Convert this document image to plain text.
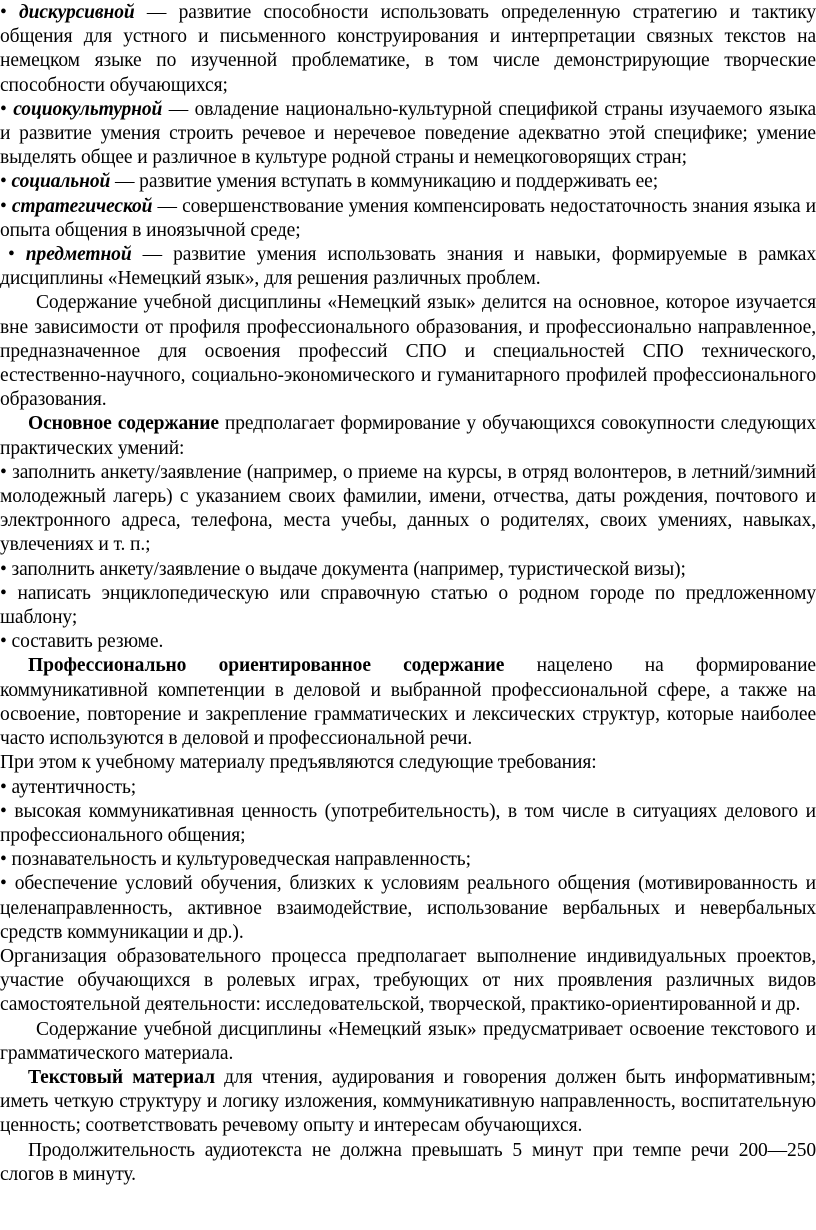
• дискурсивной — развитие способности использовать определенную стратегию и тактику общения для устного и письменного конструирования и интерпретации связных текстов на немецком языке по изученной проблематике, в том числе демонстрирующие творческие способности обучающихся;

• социокультурной — овладение национально-культурной спецификой страны изучаемого языка и развитие умения строить речевое и неречевое поведение адекватно этой специфике; умение выделять общее и различное в культуре родной страны и немецкоговорящих стран;

• социальной — развитие умения вступать в коммуникацию и поддерживать ее;

• стратегической — совершенствование умения компенсировать недостаточность знания языка и опыта общения в иноязычной среде;

• предметной — развитие умения использовать знания и навыки, формируемые в рамках дисциплины «Немецкий язык», для решения различных проблем.

Содержание учебной дисциплины «Немецкий язык» делится на основное, которое изучается вне зависимости от профиля профессионального образования, и профессионально направленное, предназначенное для освоения профессий СПО и специальностей СПО технического, естественно-научного, социально-экономического и гуманитарного профилей профессионального образования.

Основное содержание предполагает формирование у обучающихся совокупности следующих практических умений:

• заполнить анкету/заявление (например, о приеме на курсы, в отряд волонтеров, в летний/зимний молодежный лагерь) с указанием своих фамилии, имени, отчества, даты рождения, почтового и электронного адреса, телефона, места учебы, данных о родителях, своих умениях, навыках, увлечениях и т. п.;

• заполнить анкету/заявление о выдаче документа (например, туристической визы);

• написать энциклопедическую или справочную статью о родном городе по предложенному шаблону;

• составить резюме.

Профессионально ориентированное содержание нацелено на формирование коммуникативной компетенции в деловой и выбранной профессиональной сфере, а также на освоение, повторение и закрепление грамматических и лексических структур, которые наиболее часто используются в деловой и профессиональной речи.

При этом к учебному материалу предъявляются следующие требования:

• аутентичность;

• высокая коммуникативная ценность (употребительность), в том числе в ситуациях делового и профессионального общения;

• познавательность и культуроведческая направленность;

• обеспечение условий обучения, близких к условиям реального общения (мотивированность и целенаправленность, активное взаимодействие, использование вербальных и невербальных средств коммуникации и др.).

Организация образовательного процесса предполагает выполнение индивидуальных проектов, участие обучающихся в ролевых играх, требующих от них проявления различных видов самостоятельной деятельности: исследовательской, творческой, практико-ориентированной и др.

Содержание учебной дисциплины «Немецкий язык» предусматривает освоение текстового и грамматического материала.

Текстовый материал для чтения, аудирования и говорения должен быть информативным; иметь четкую структуру и логику изложения, коммуникативную направленность, воспитательную ценность; соответствовать речевому опыту и интересам обучающихся.

Продолжительность аудиотекста не должна превышать 5 минут при темпе речи 200—250 слогов в минуту.
